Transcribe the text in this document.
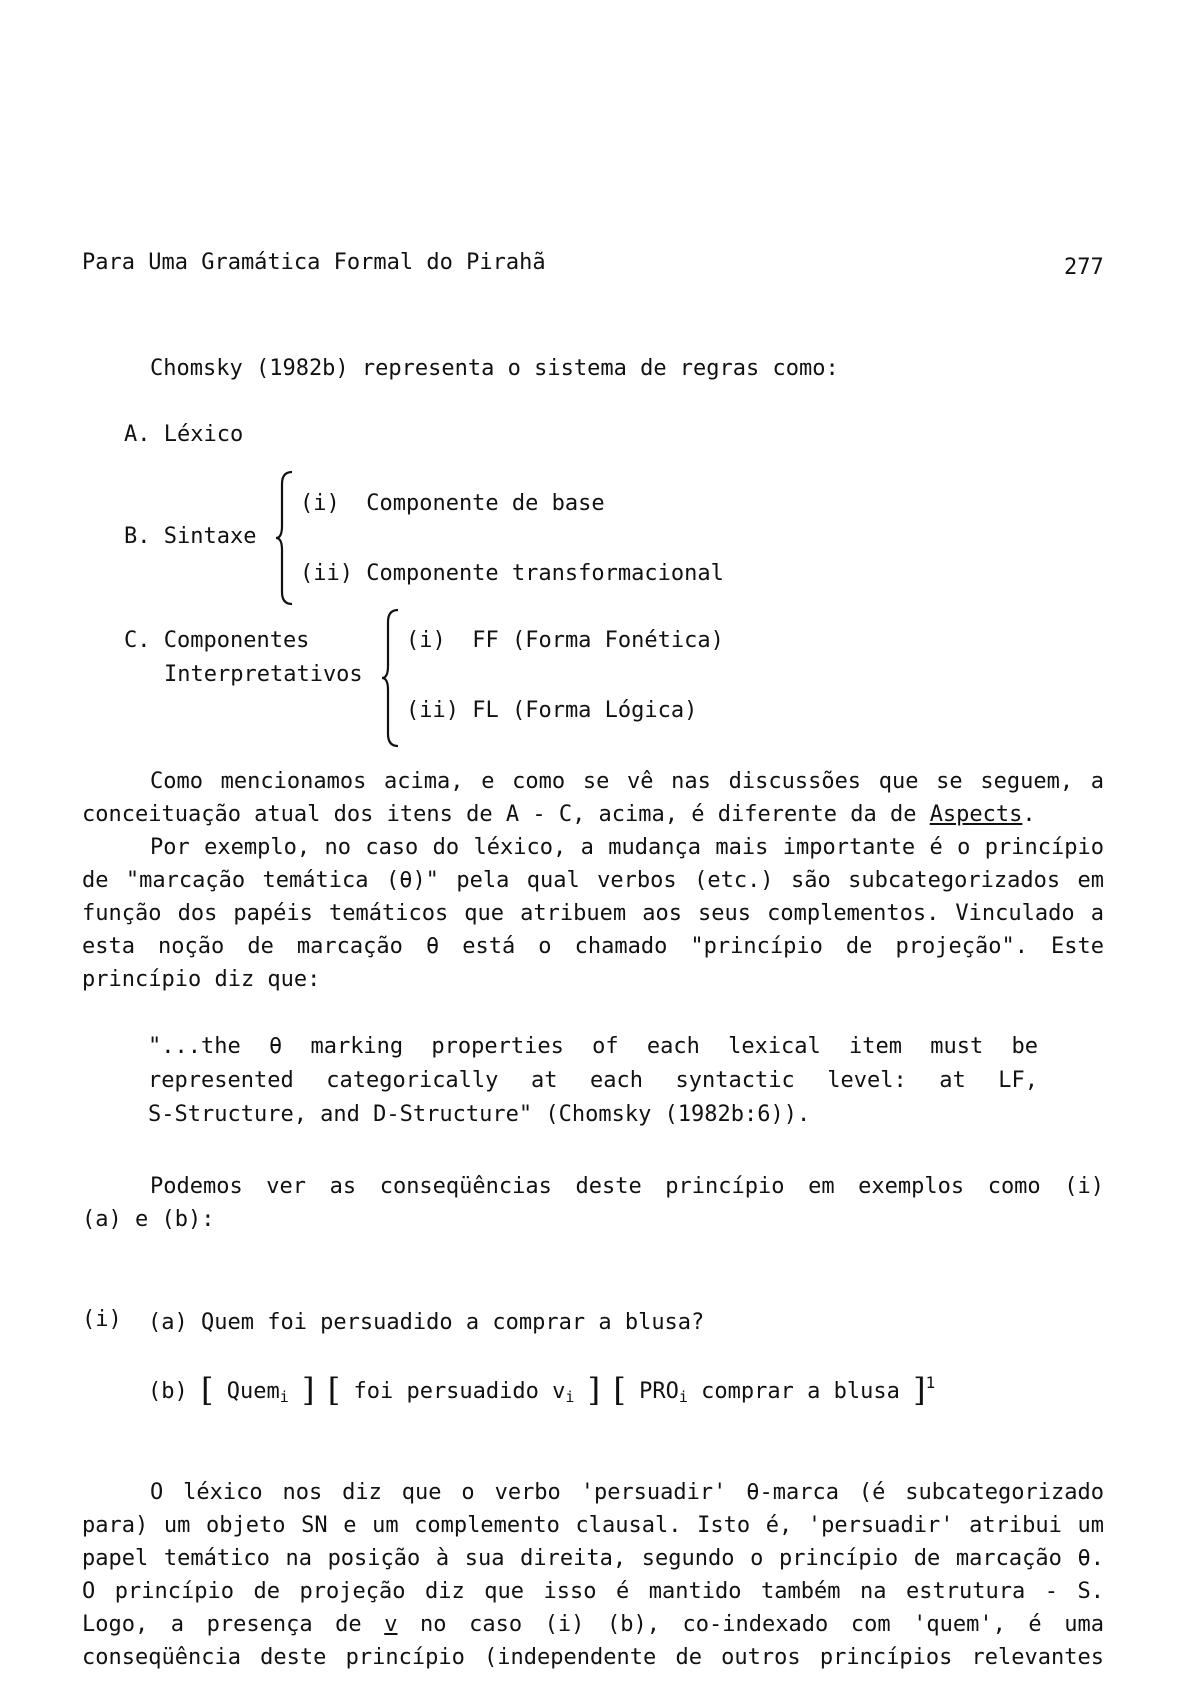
Para Uma Gramática Formal do Pirahã	277
Chomsky (1982b) representa o sistema de regras como:
A. Léxico
B. Sintaxe
(i)  Componente de base
(ii) Componente transformacional
C. Componentes
Interpretativos
(i)  FF (Forma Fonética)
(ii) FL (Forma Lógica)
Como mencionamos acima, e como se vê nas discussões que se seguem, a
conceituação atual dos itens de A - C, acima, é diferente da de Aspects.
Por exemplo, no caso do léxico, a mudança mais importante é o princípio
de "marcação temática (θ)" pela qual verbos (etc.) são subcategorizados em
função dos papéis temáticos que atribuem aos seus complementos. Vinculado a
esta noção de marcação θ está o chamado "princípio de projeção". Este
princípio diz que:
"...the θ marking properties of each lexical item must be
represented categorically at each syntactic level: at LF,
S-Structure, and D-Structure" (Chomsky (1982b:6)).
Podemos ver as conseqüências deste princípio em exemplos como (i)
(a) e (b):
(i) (a) Quem foi persuadido a comprar a blusa?
(b) [ Quem$_i$ ] [ foi persuadido $v_i$ ] [ $PRO_i$ comprar a blusa ]$^1$
O léxico nos diz que o verbo 'persuadir' θ-marca (é subcategorizado
para) um objeto SN e um complemento clausal. Isto é, 'persuadir' atribui um
papel temático na posição à sua direita, segundo o princípio de marcação θ.
O princípio de projeção diz que isso é mantido também na estrutura - S.
Logo, a presença de v no caso (i) (b), co-indexado com 'quem', é uma
conseqüência deste princípio (independente de outros princípios relevantes
